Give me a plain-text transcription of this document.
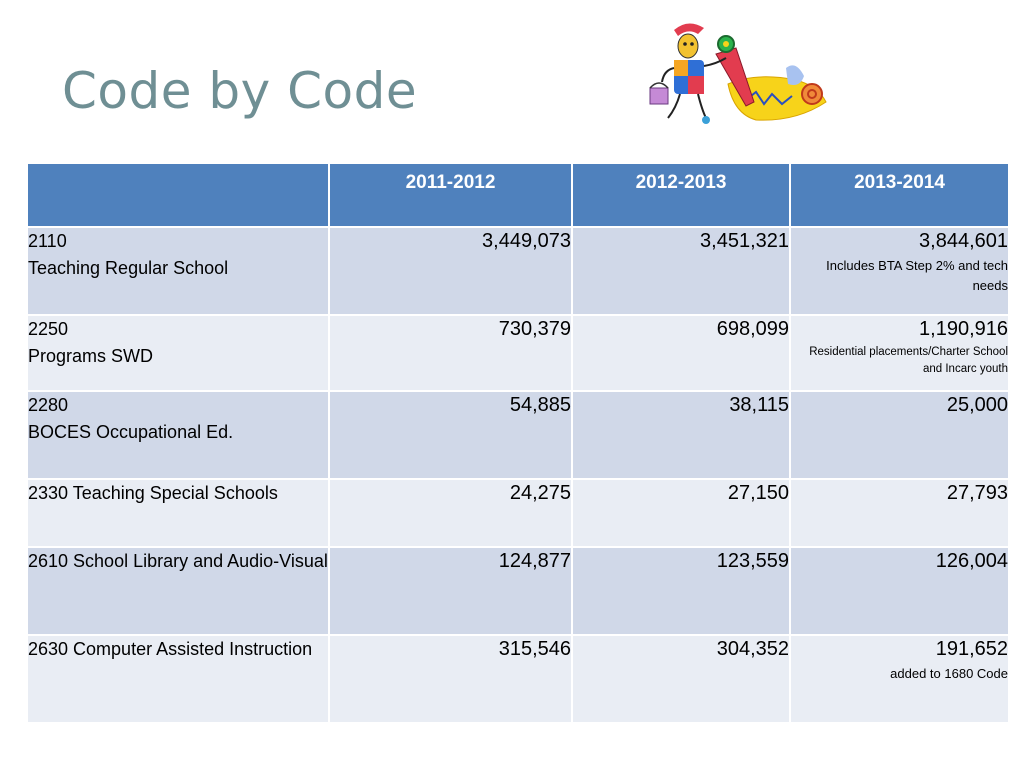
Code by Code
	2011-2012	2012-2013	2013-2014

2110
Teaching Regular School	3,449,073	3,451,321	3,844,601
Includes BTA Step 2% and tech needs

2250
Programs SWD	730,379	698,099	1,190,916
Residential placements/Charter School and Incarc youth

2280
BOCES Occupational Ed.	54,885	38,115	25,000
2330 Teaching Special Schools	24,275	27,150	27,793
2610 School Library and Audio-Visual	124,877	123,559	126,004
2630 Computer Assisted Instruction	315,546	304,352	191,652
added to 1680 Code
